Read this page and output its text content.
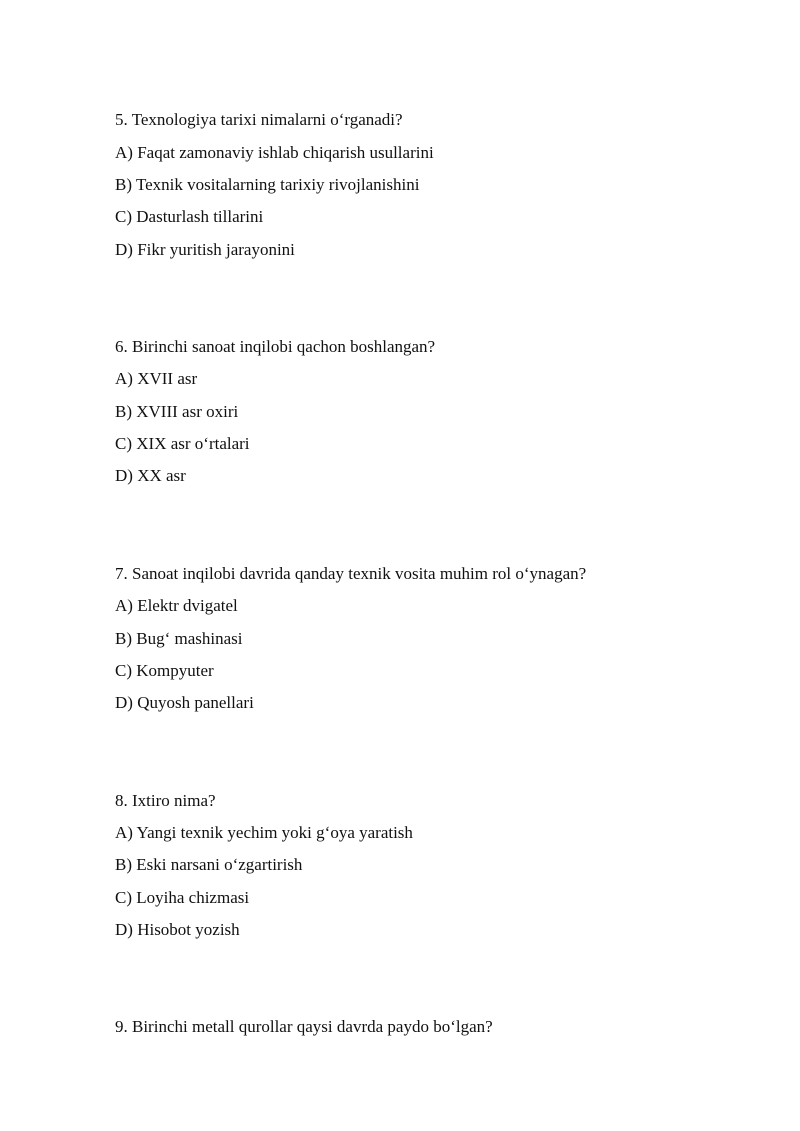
5. Texnologiya tarixi nimalarni o‘rganadi?
A) Faqat zamonaviy ishlab chiqarish usullarini
B) Texnik vositalarning tarixiy rivojlanishini
C) Dasturlash tillarini
D) Fikr yuritish jarayonini
6. Birinchi sanoat inqilobi qachon boshlangan?
A) XVII asr
B) XVIII asr oxiri
C) XIX asr o‘rtalari
D) XX asr
7. Sanoat inqilobi davrida qanday texnik vosita muhim rol o‘ynagan?
A) Elektr dvigatel
B) Bug‘ mashinasi
C) Kompyuter
D) Quyosh panellari
8. Ixtiro nima?
A) Yangi texnik yechim yoki g‘oya yaratish
B) Eski narsani o‘zgartirish
C) Loyiha chizmasi
D) Hisobot yozish
9. Birinchi metall qurollar qaysi davrda paydo bo‘lgan?
